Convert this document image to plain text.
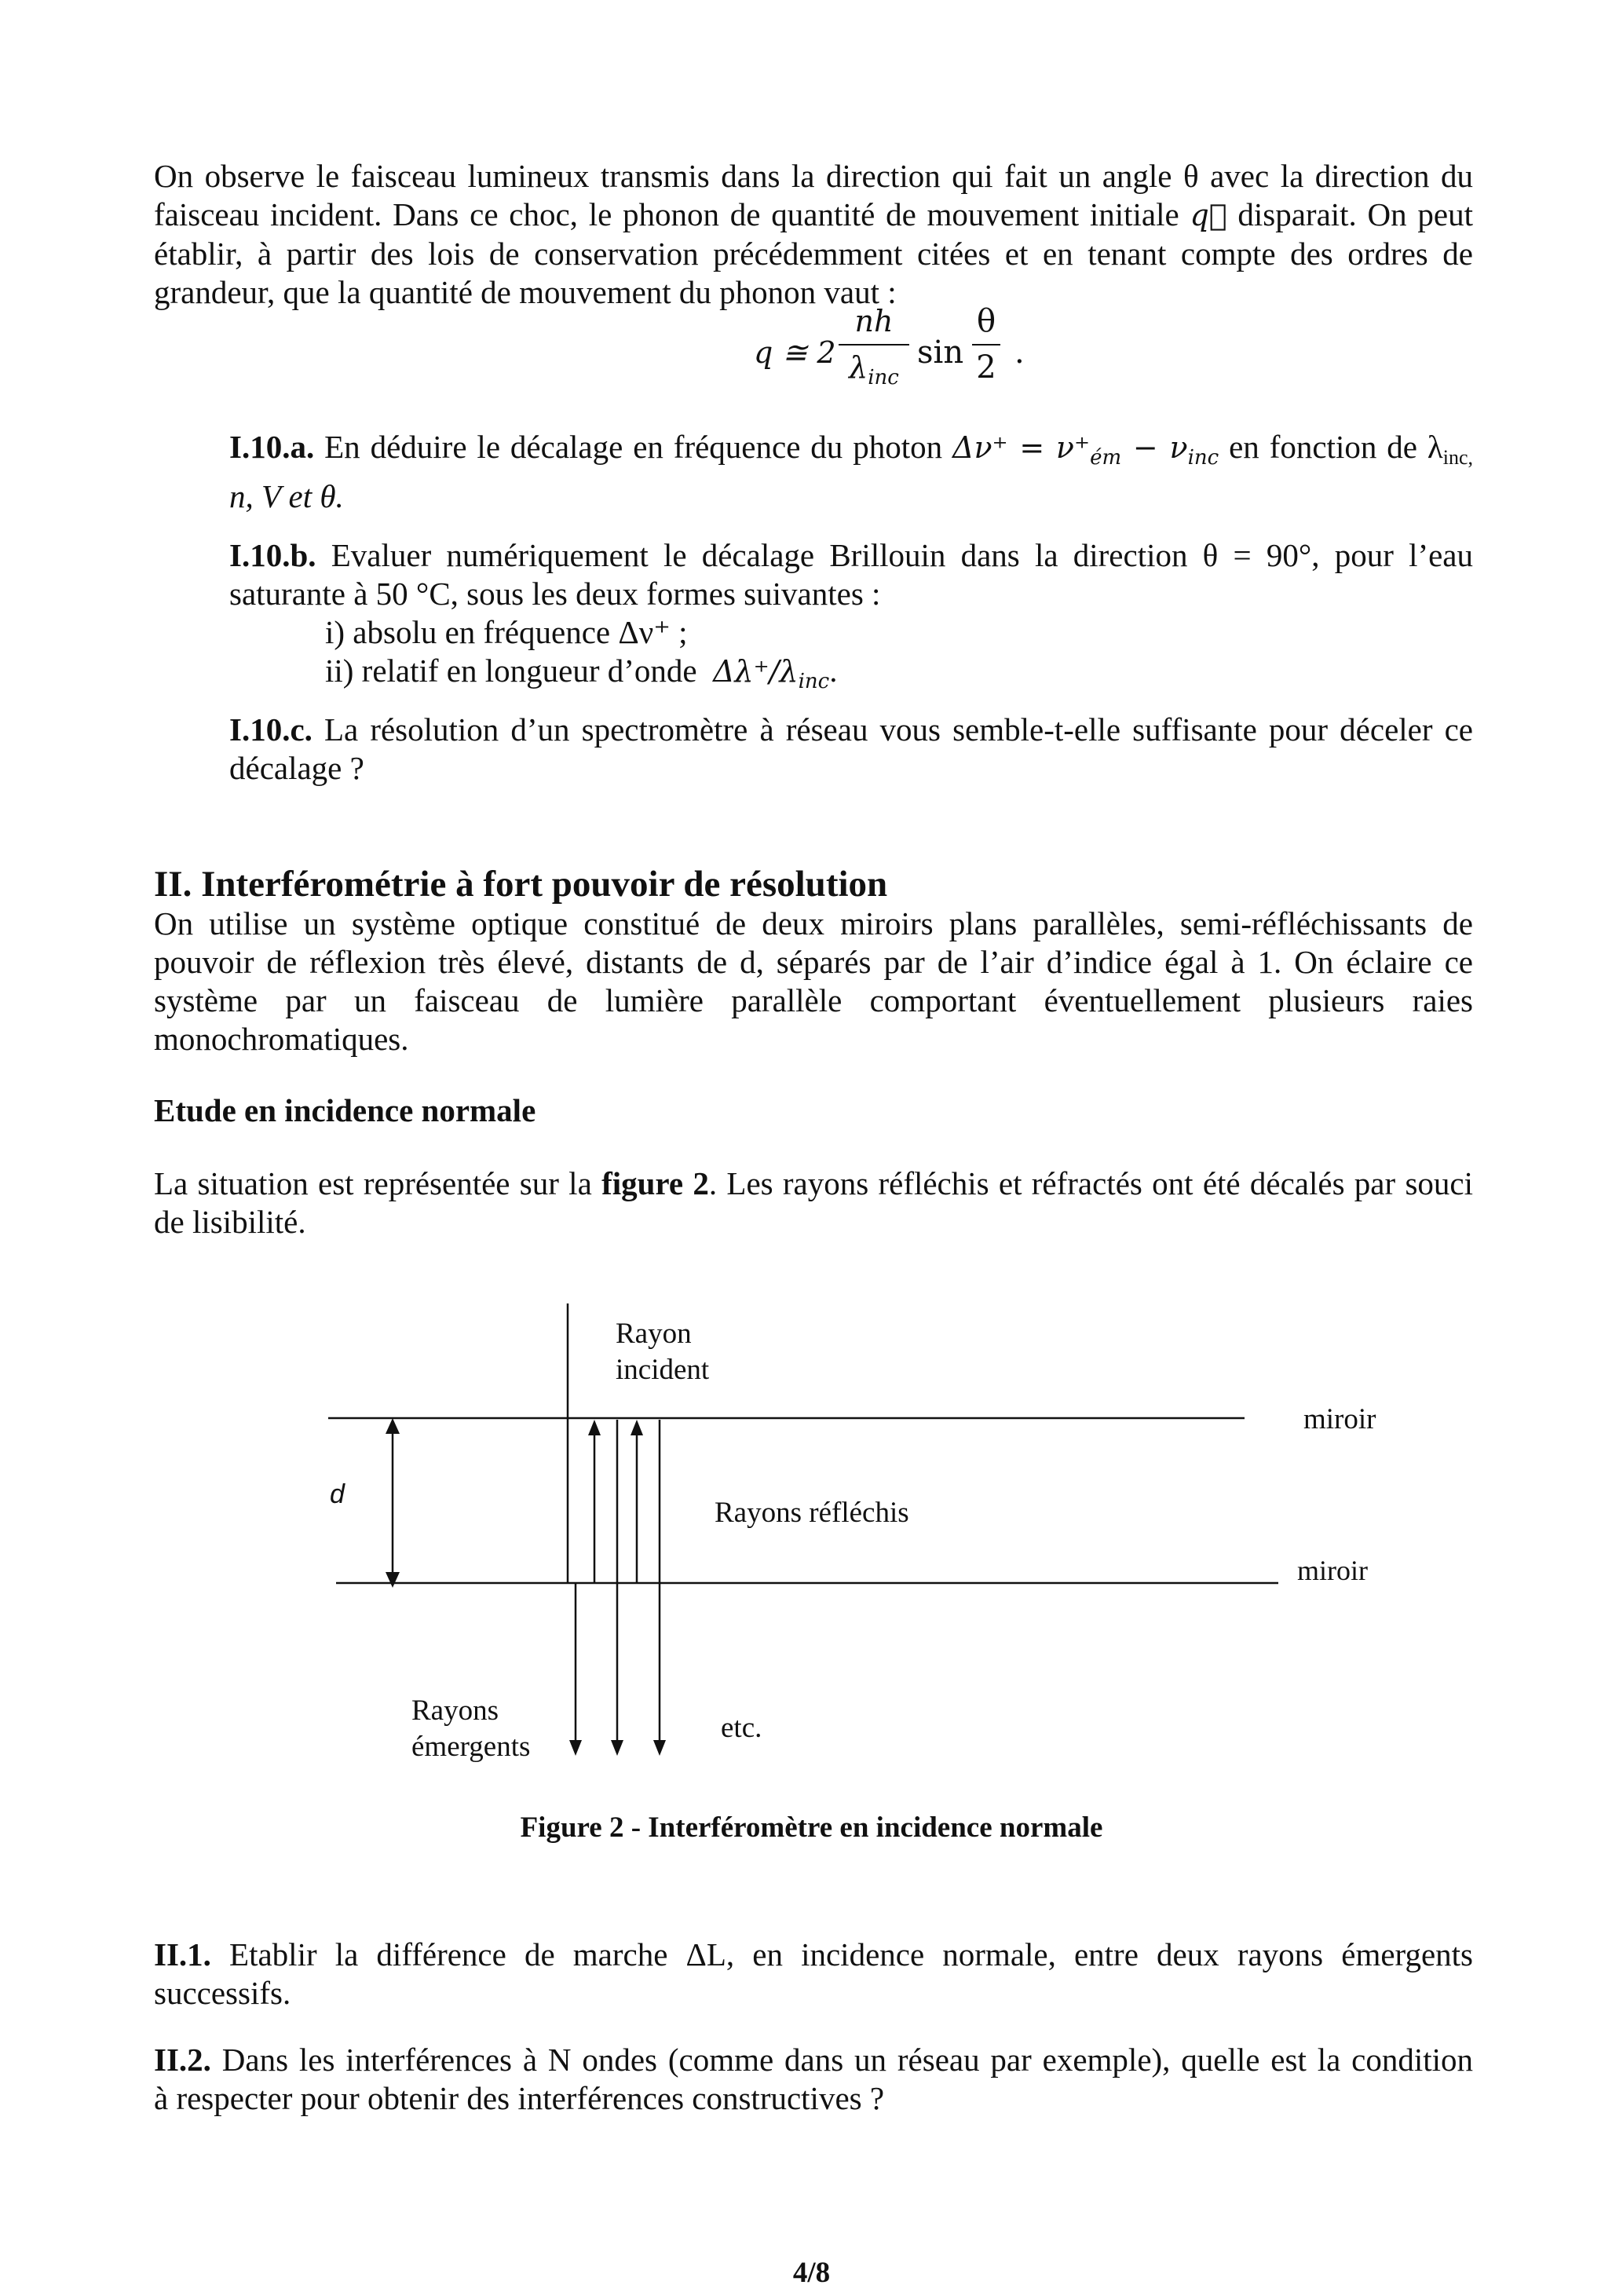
On observe le faisceau lumineux transmis dans la direction qui fait un angle θ avec la direction du
faisceau incident. Dans ce choc, le phonon de quantité de mouvement initiale q⃗ disparait. On peut
établir, à partir des lois de conservation précédemment citées et en tenant compte des ordres de
grandeur, que la quantité de mouvement du phonon vaut :
q ≅ 2
nh
$\lambda_{inc}$
sin
θ
2 .
I.10.a. En déduire le décalage en fréquence du photon $\Delta\nu^+ = \nu^+_{ém} - \nu_{inc}$ en fonction de $\lambda_{inc,}$
n, V et θ.
I.10.b. Evaluer numériquement le décalage Brillouin dans la direction θ = 90°, pour l’eau
saturante à 50 °C, sous les deux formes suivantes :
i) absolu en fréquence Δν⁺ ;
ii) relatif en longueur d’onde $\Delta\lambda^+/\lambda_{inc}$.
I.10.c. La résolution d’un spectromètre à réseau vous semble-t-elle suffisante pour déceler ce
décalage ?
II. Interférométrie à fort pouvoir de résolution
On utilise un système optique constitué de deux miroirs plans parallèles, semi-réfléchissants de
pouvoir de réflexion très élevé, distants de d, séparés par de l’air d’indice égal à 1. On éclaire ce
système par un faisceau de lumière parallèle comportant éventuellement plusieurs raies
monochromatiques.
Etude en incidence normale
La situation est représentée sur la figure 2. Les rayons réfléchis et réfractés ont été décalés par souci
de lisibilité.
Rayon
incident
miroir
miroir
d
Rayons réfléchis
Rayons
émergents
etc.
Figure 2 - Interféromètre en incidence normale
II.1. Etablir la différence de marche ΔL, en incidence normale, entre deux rayons émergents
successifs.
II.2. Dans les interférences à N ondes (comme dans un réseau par exemple), quelle est la condition
à respecter pour obtenir des interférences constructives ?
4/8
